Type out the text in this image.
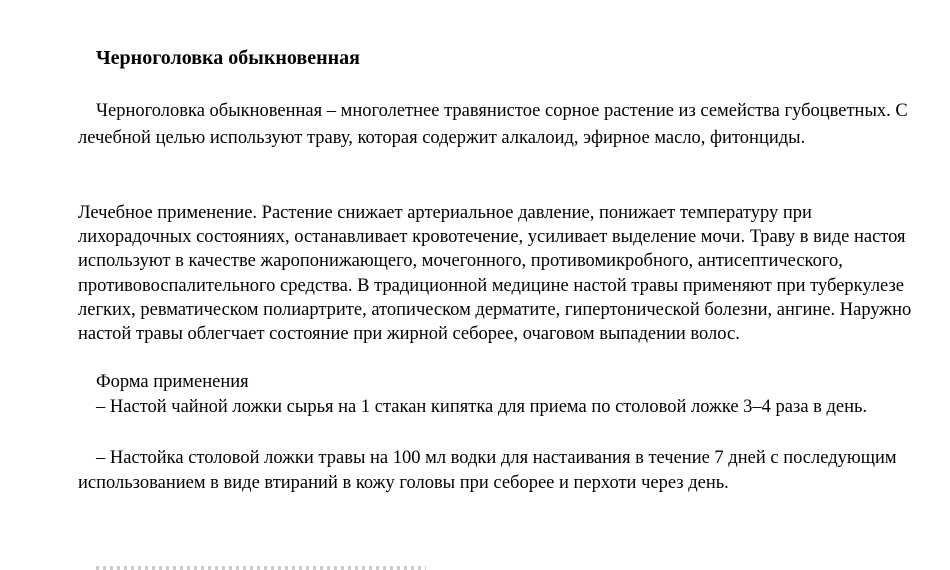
Черноголовка обыкновенная

Черноголовка обыкновенная – многолетнее травянистое сорное растение из семейства губоцветных. С лечебной целью используют траву, которая содержит алкалоид, эфирное масло, фитонциды.

Лечебное применение. Растение снижает артериальное давление, понижает температуру при лихорадочных состояниях, останавливает кровотечение, усиливает выделение мочи. Траву в виде настоя используют в качестве жаропонижающего, мочегонного, противомикробного, антисептического, противовоспалительного средства. В традиционной медицине настой травы применяют при туберкулезе легких, ревматическом полиартрите, атопическом дерматите, гипертонической болезни, ангине. Наружно настой травы облегчает состояние при жирной себорее, очаговом выпадении волос.

Форма применения

– Настой чайной ложки сырья на 1 стакан кипятка для приема по столовой ложке 3–4 раза в день.

– Настойка столовой ложки травы на 100 мл водки для настаивания в течение 7 дней с последующим использованием в виде втираний в кожу головы при себорее и перхоти через день.
